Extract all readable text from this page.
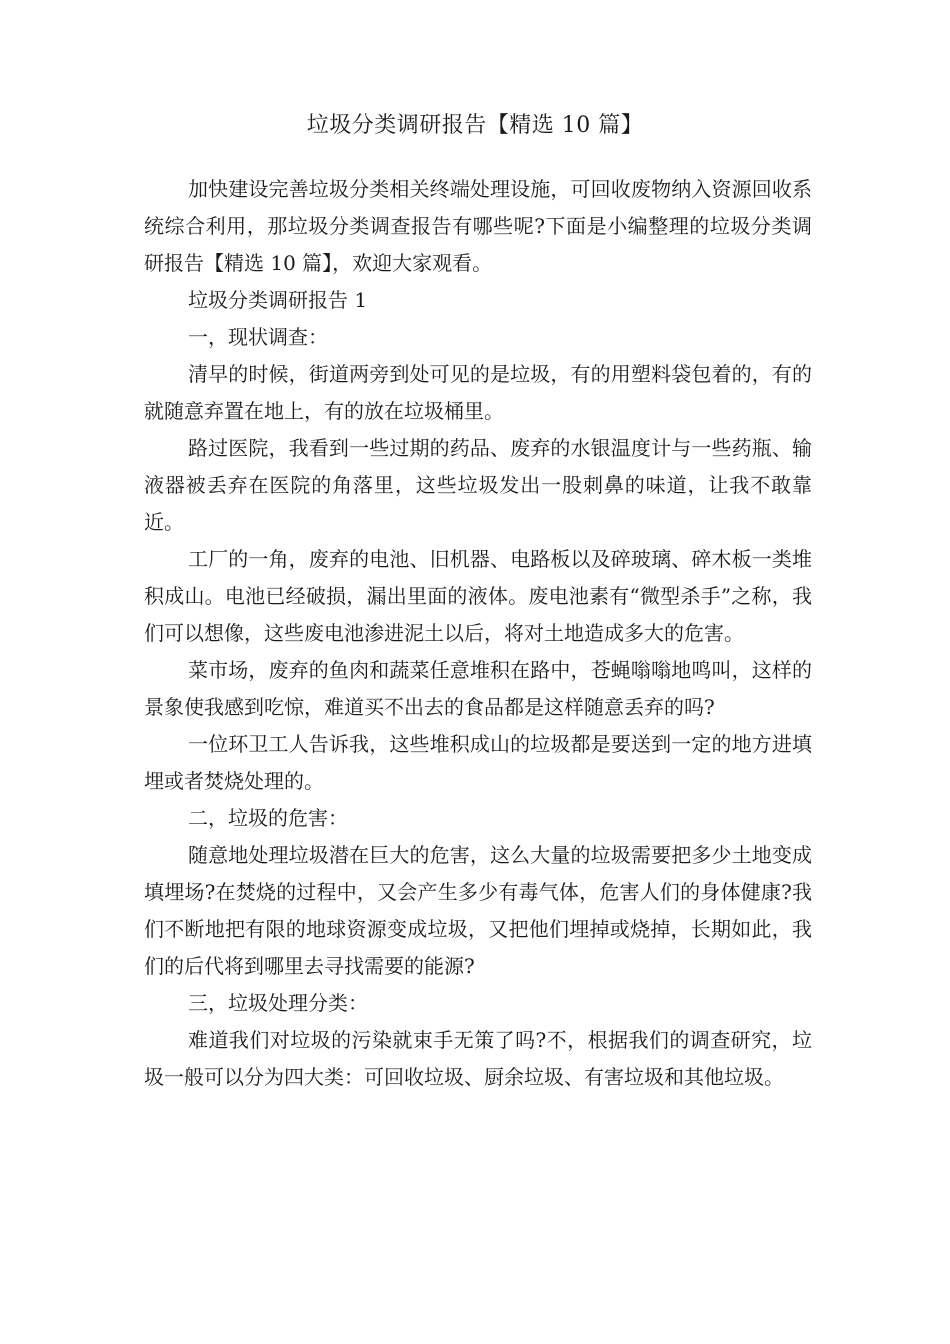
垃圾分类调研报告【精选 10 篇】

加快建设完善垃圾分类相关终端处理设施，可回收废物纳入资源回收系统综合利用，那垃圾分类调查报告有哪些呢?下面是小编整理的垃圾分类调研报告【精选 10 篇】，欢迎大家观看。

垃圾分类调研报告 1

一，现状调查：

清早的时候，街道两旁到处可见的是垃圾，有的用塑料袋包着的，有的就随意弃置在地上，有的放在垃圾桶里。

路过医院，我看到一些过期的药品、废弃的水银温度计与一些药瓶、输液器被丢弃在医院的角落里，这些垃圾发出一股刺鼻的味道，让我不敢靠近。

工厂的一角，废弃的电池、旧机器、电路板以及碎玻璃、碎木板一类堆积成山。电池已经破损，漏出里面的液体。废电池素有“微型杀手”之称，我们可以想像，这些废电池渗进泥土以后，将对土地造成多大的危害。

菜市场，废弃的鱼肉和蔬菜任意堆积在路中，苍蝇嗡嗡地鸣叫，这样的景象使我感到吃惊，难道买不出去的食品都是这样随意丢弃的吗?

一位环卫工人告诉我，这些堆积成山的垃圾都是要送到一定的地方进填埋或者焚烧处理的。

二，垃圾的危害：

随意地处理垃圾潜在巨大的危害，这么大量的垃圾需要把多少土地变成填埋场?在焚烧的过程中，又会产生多少有毒气体，危害人们的身体健康?我们不断地把有限的地球资源变成垃圾，又把他们埋掉或烧掉，长期如此，我们的后代将到哪里去寻找需要的能源?

三，垃圾处理分类：

难道我们对垃圾的污染就束手无策了吗?不，根据我们的调查研究，垃圾一般可以分为四大类：可回收垃圾、厨余垃圾、有害垃圾和其他垃圾。
